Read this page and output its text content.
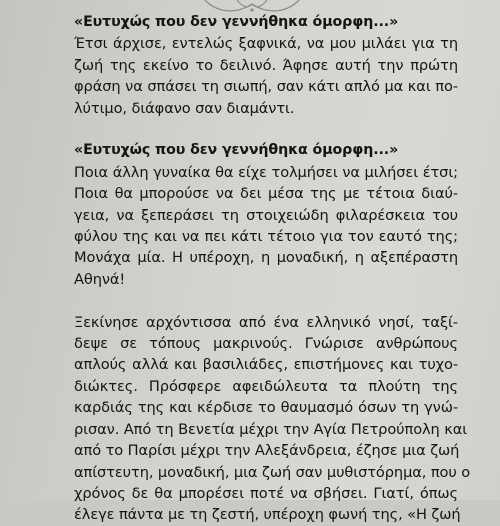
«Ευτυχώς που δεν γεννήθηκα όμορφη...»
Έτσι άρχισε, εντελώς ξαφνικά, να μου μιλάει για τη
ζωή της εκείνο το δειλινό. Άφησε αυτή την πρώτη
φράση να σπάσει τη σιωπή, σαν κάτι απλό μα και πο-
λύτιμο, διάφανο σαν διαμάντι.
«Ευτυχώς που δεν γεννήθηκα όμορφη...»
Ποια άλλη γυναίκα θα είχε τολμήσει να μιλήσει έτσι;
Ποια θα μπορούσε να δει μέσα της με τέτοια διαύ-
γεια, να ξεπεράσει τη στοιχειώδη φιλαρέσκεια του
φύλου της και να πει κάτι τέτοιο για τον εαυτό της;
Μονάχα μία. Η υπέροχη, η μοναδική, η αξεπέραστη
Αθηνά!
Ξεκίνησε αρχόντισσα από ένα ελληνικό νησί, ταξί-
δεψε σε τόπους μακρινούς. Γνώρισε ανθρώπους
απλούς αλλά και βασιλιάδες, επιστήμονες και τυχο-
διώκτες. Πρόσφερε αφειδώλευτα τα πλούτη της
καρδιάς της και κέρδισε το θαυμασμό όσων τη γνώ-
ρισαν. Από τη Βενετία μέχρι την Αγία Πετρούπολη και
από το Παρίσι μέχρι την Αλεξάνδρεια, έζησε μια ζωή
απίστευτη, μοναδική, μια ζωή σαν μυθιστόρημα, που ο
χρόνος δε θα μπορέσει ποτέ να σβήσει. Γιατί, όπως
έλεγε πάντα με τη ζεστή, υπέροχη φωνή της, «Η ζωή
